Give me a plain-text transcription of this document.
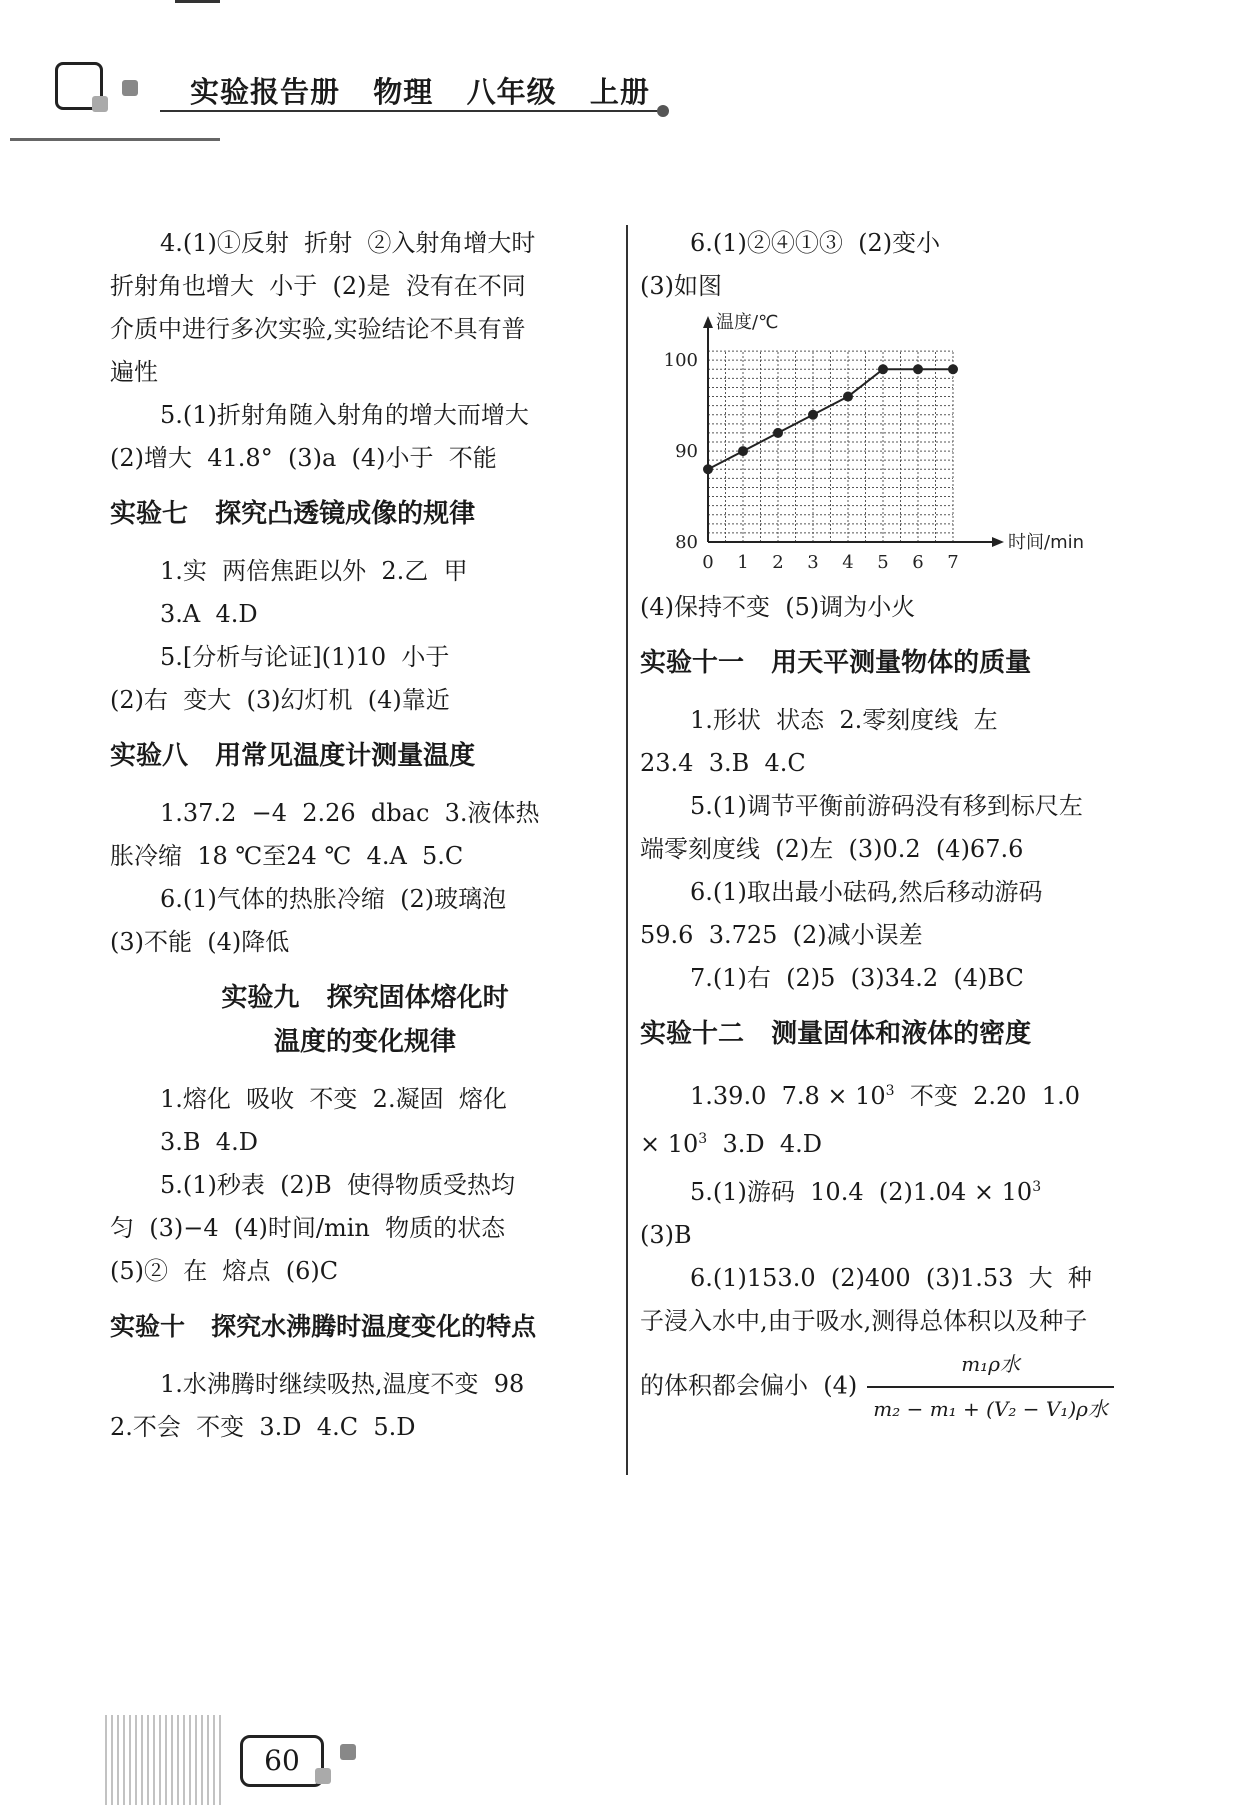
实验报告册   物理   八年级   上册
4.(1)①反射  折射  ②入射角增大时
折射角也增大  小于  (2)是  没有在不同
介质中进行多次实验,实验结论不具有普
遍性
5.(1)折射角随入射角的增大而增大
(2)增大  41.8°  (3)a  (4)小于  不能
实验七   探究凸透镜成像的规律
1.实  两倍焦距以外  2.乙  甲
3.A  4.D
5.[分析与论证](1)10  小于
(2)右  变大  (3)幻灯机  (4)靠近
实验八   用常见温度计测量温度
1.37.2  −4  2.26  dbac  3.液体热
胀冷缩  18 ℃至24 ℃  4.A  5.C
6.(1)气体的热胀冷缩  (2)玻璃泡
(3)不能  (4)降低
实验九   探究固体熔化时
温度的变化规律
1.熔化  吸收  不变  2.凝固  熔化
3.B  4.D
5.(1)秒表  (2)B  使得物质受热均
匀  (3)−4  (4)时间/min  物质的状态
(5)②  在  熔点  (6)C
实验十   探究水沸腾时温度变化的特点
1.水沸腾时继续吸热,温度不变  98
2.不会  不变  3.D  4.C  5.D
6.(1)②④①③  (2)变小
(3)如图
温度/℃
时间/min
0 1 2 3 4 5 6 7
80
90
100
(4)保持不变  (5)调为小火
实验十一   用天平测量物体的质量
1.形状  状态  2.零刻度线  左
23.4  3.B  4.C
5.(1)调节平衡前游码没有移到标尺左
端零刻度线  (2)左  (3)0.2  (4)67.6
6.(1)取出最小砝码,然后移动游码
59.6  3.725  (2)减小误差
7.(1)右  (2)5  (3)34.2  (4)BC
实验十二   测量固体和液体的密度
1.39.0  $7.8 \times 10^3$  不变  2.20  1.0
× $10^3$  3.D  4.D
5.(1)游码  10.4  $(2)1.04 \times 10^3$
(3)B
6.(1)153.0  (2)400  (3)1.53  大  种
子浸入水中,由于吸水,测得总体积以及种子
的体积都会偏小  $(4) \frac{\text{m₁ρ水}}{\text{m₂ − m₁ + (V₂ − V₁)ρ水}}$
60
